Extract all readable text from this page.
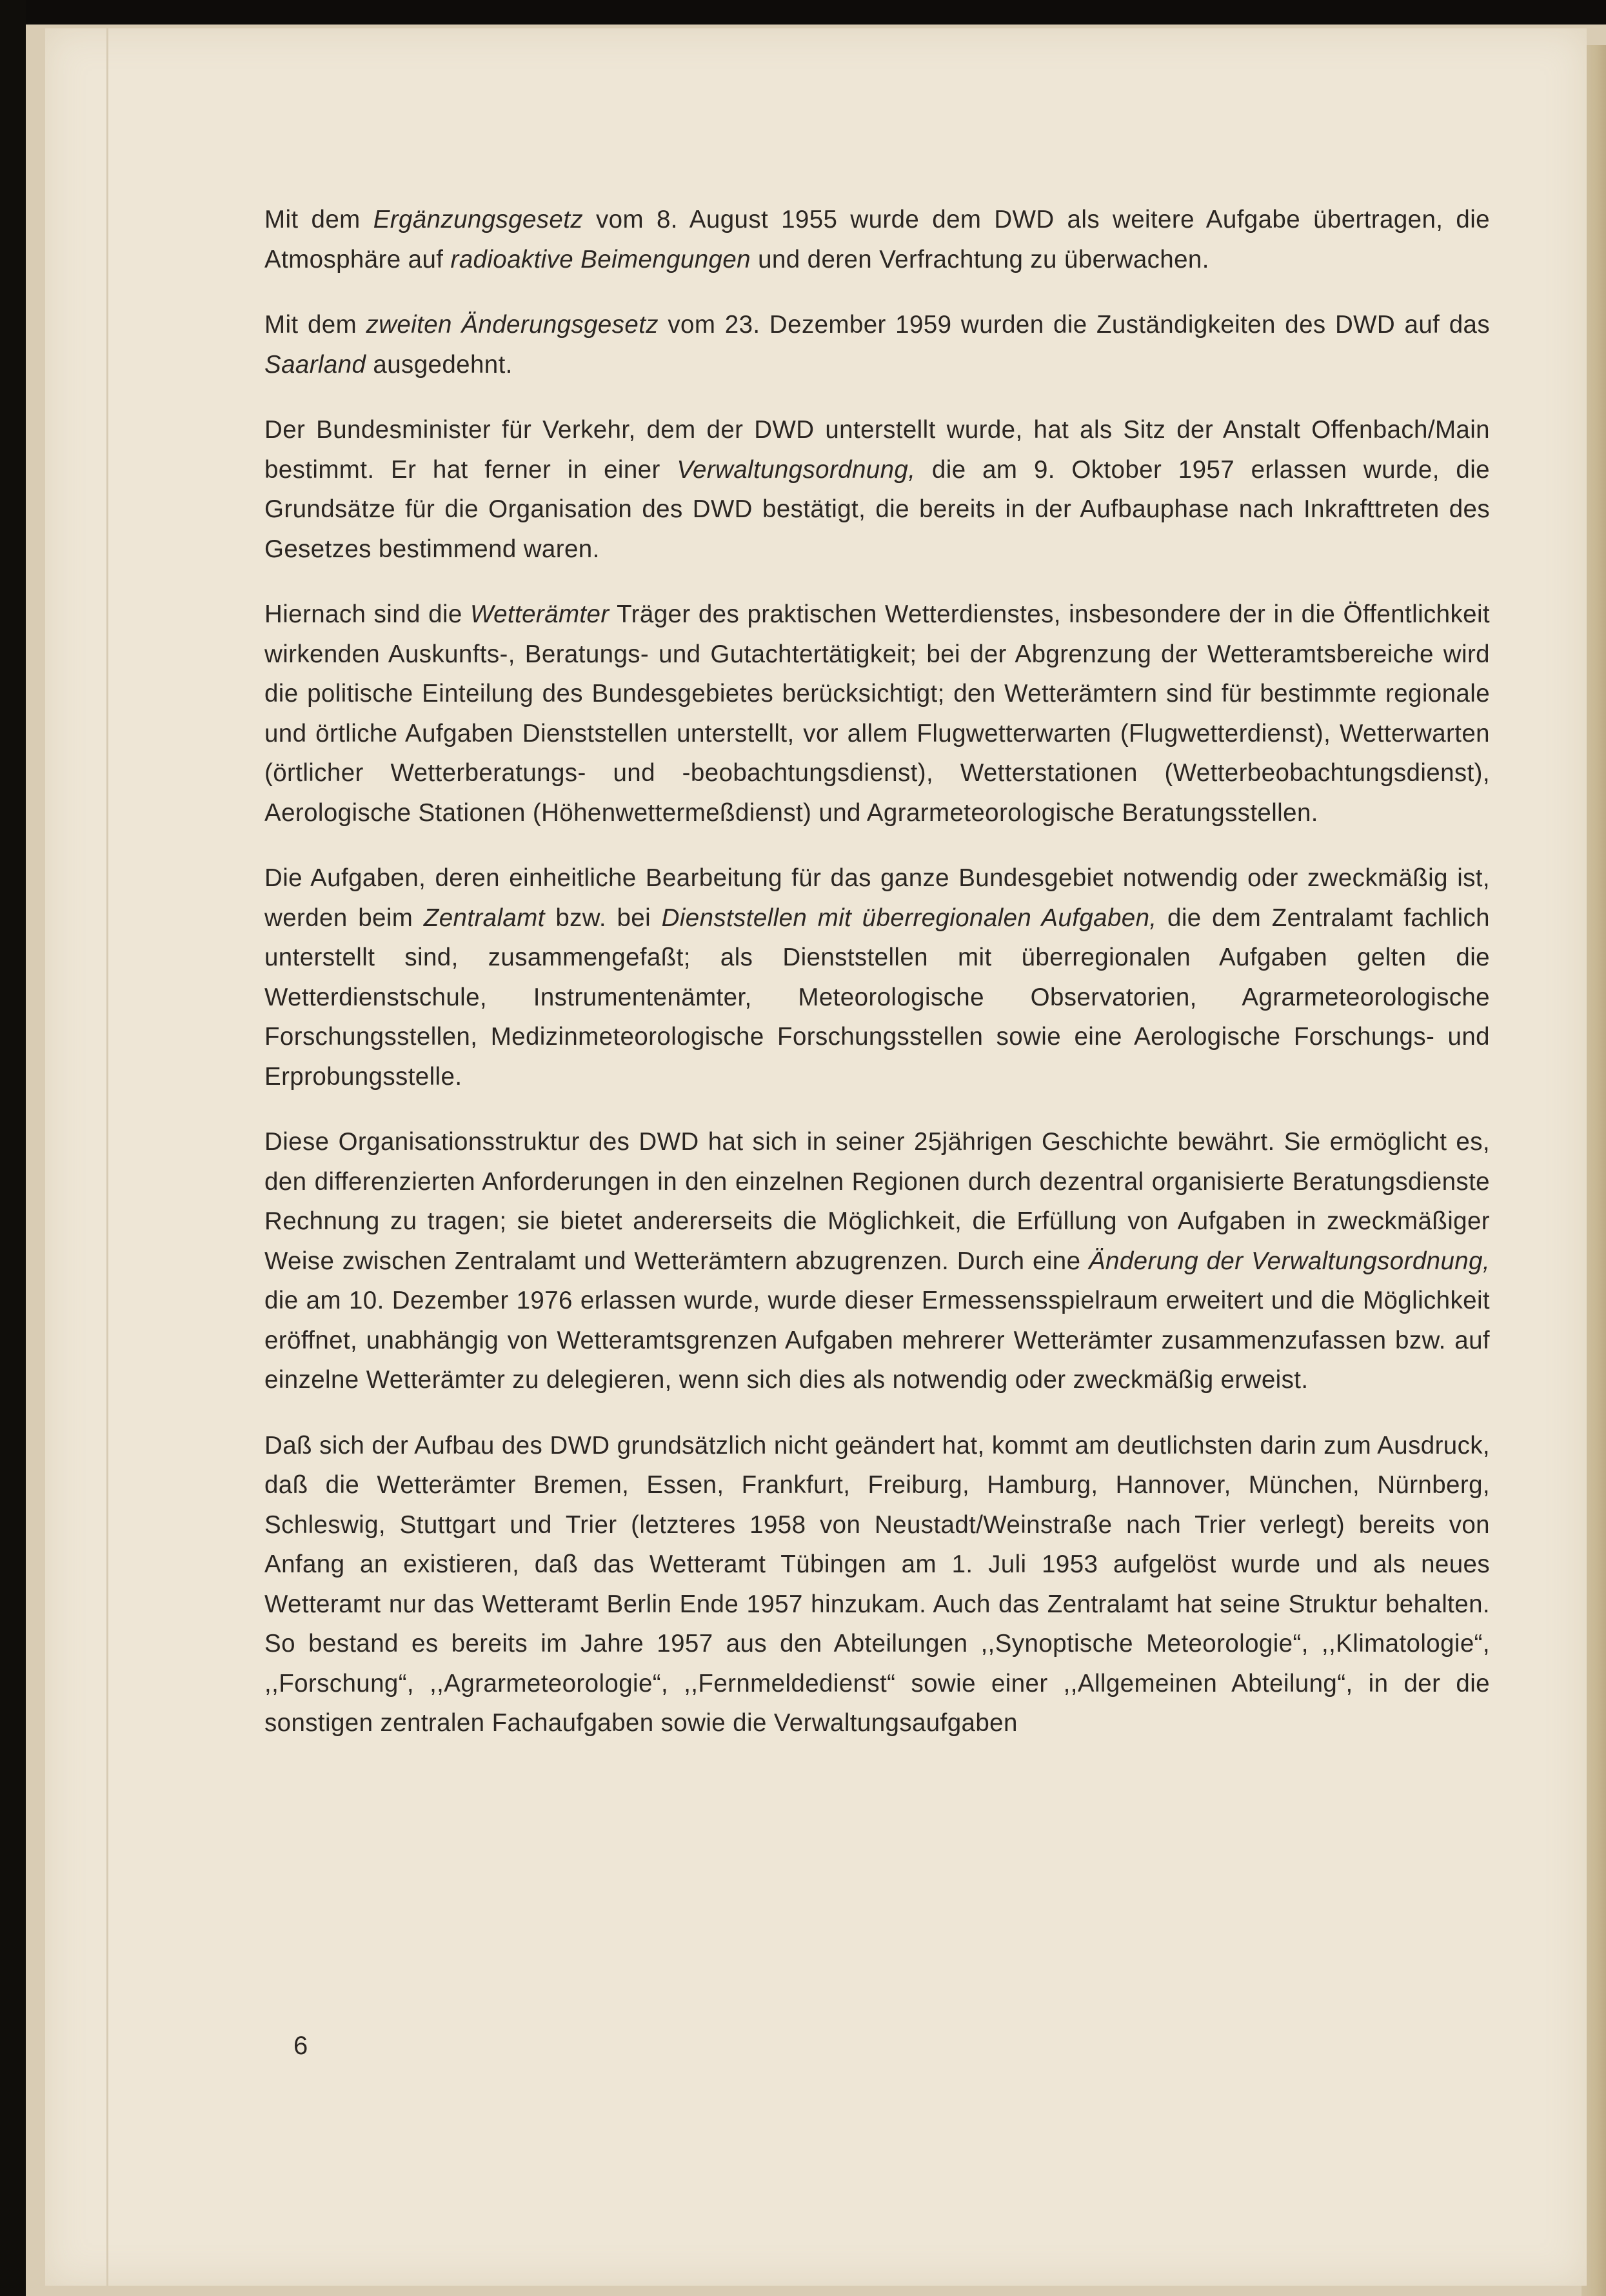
Mit dem Ergänzungsgesetz vom 8. August 1955 wurde dem DWD als weitere Aufgabe übertragen, die Atmosphäre auf radioaktive Beimengungen und deren Verfrachtung zu überwachen.

Mit dem zweiten Änderungsgesetz vom 23. Dezember 1959 wurden die Zuständigkeiten des DWD auf das Saarland ausgedehnt.

Der Bundesminister für Verkehr, dem der DWD unterstellt wurde, hat als Sitz der Anstalt Offenbach/Main bestimmt. Er hat ferner in einer Verwaltungsordnung, die am 9. Oktober 1957 erlassen wurde, die Grundsätze für die Organisation des DWD bestätigt, die bereits in der Aufbauphase nach Inkrafttreten des Gesetzes bestimmend waren.

Hiernach sind die Wetterämter Träger des praktischen Wetterdienstes, insbesondere der in die Öffentlichkeit wirkenden Auskunfts-, Beratungs- und Gutachtertätigkeit; bei der Abgrenzung der Wetteramtsbereiche wird die politische Einteilung des Bundesgebietes berücksichtigt; den Wetterämtern sind für bestimmte regionale und örtliche Aufgaben Dienststellen unterstellt, vor allem Flugwetterwarten (Flugwetterdienst), Wetterwarten (örtlicher Wetterberatungs- und -beobachtungsdienst), Wetterstationen (Wetterbeobachtungsdienst), Aerologische Stationen (Höhenwettermeßdienst) und Agrarmeteorologische Beratungsstellen.

Die Aufgaben, deren einheitliche Bearbeitung für das ganze Bundesgebiet notwendig oder zweckmäßig ist, werden beim Zentralamt bzw. bei Dienststellen mit überregionalen Aufgaben, die dem Zentralamt fachlich unterstellt sind, zusammengefaßt; als Dienststellen mit überregionalen Aufgaben gelten die Wetterdienstschule, Instrumentenämter, Meteorologische Observatorien, Agrarmeteorologische Forschungsstellen, Medizinmeteorologische Forschungsstellen sowie eine Aerologische Forschungs- und Erprobungsstelle.

Diese Organisationsstruktur des DWD hat sich in seiner 25jährigen Geschichte bewährt. Sie ermöglicht es, den differenzierten Anforderungen in den einzelnen Regionen durch dezentral organisierte Beratungsdienste Rechnung zu tragen; sie bietet andererseits die Möglichkeit, die Erfüllung von Aufgaben in zweckmäßiger Weise zwischen Zentralamt und Wetterämtern abzugrenzen. Durch eine Änderung der Verwaltungsordnung, die am 10. Dezember 1976 erlassen wurde, wurde dieser Ermessensspielraum erweitert und die Möglichkeit eröffnet, unabhängig von Wetteramtsgrenzen Aufgaben mehrerer Wetterämter zusammenzufassen bzw. auf einzelne Wetterämter zu delegieren, wenn sich dies als notwendig oder zweckmäßig erweist.

Daß sich der Aufbau des DWD grundsätzlich nicht geändert hat, kommt am deutlichsten darin zum Ausdruck, daß die Wetterämter Bremen, Essen, Frankfurt, Freiburg, Hamburg, Hannover, München, Nürnberg, Schleswig, Stuttgart und Trier (letzteres 1958 von Neustadt/Weinstraße nach Trier verlegt) bereits von Anfang an existieren, daß das Wetteramt Tübingen am 1. Juli 1953 aufgelöst wurde und als neues Wetteramt nur das Wetteramt Berlin Ende 1957 hinzukam. Auch das Zentralamt hat seine Struktur behalten. So bestand es bereits im Jahre 1957 aus den Abteilungen ,,Synoptische Meteorologie“, ,,Klimatologie“, ,,Forschung“, ,,Agrarmeteorologie“, ,,Fernmeldedienst“ sowie einer ,,Allgemeinen Abteilung“, in der die sonstigen zentralen Fachaufgaben sowie die Verwaltungsaufgaben

6
